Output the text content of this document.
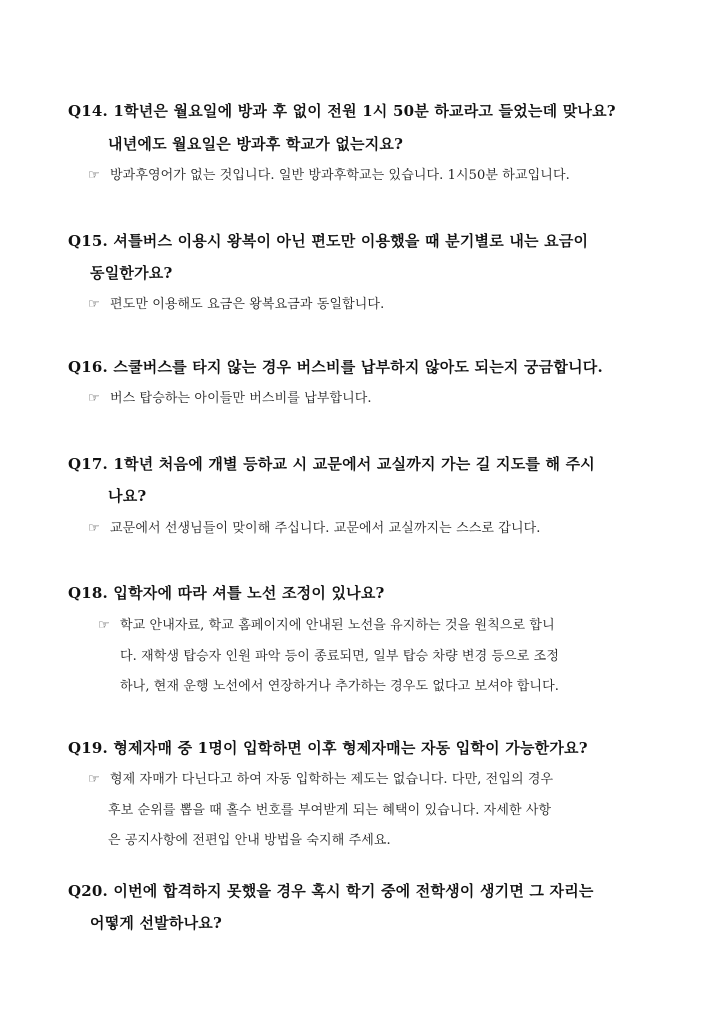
Q14. 1학년은 월요일에 방과 후 없이 전원 1시 50분 하교라고 들었는데 맞나요?
내년에도 월요일은 방과후 학교가 없는지요?
☞ 방과후영어가 없는 것입니다. 일반 방과후학교는 있습니다. 1시50분 하교입니다.
Q15. 셔틀버스 이용시 왕복이 아닌 편도만 이용했을 때 분기별로 내는 요금이
동일한가요?
☞ 편도만 이용해도 요금은 왕복요금과 동일합니다.
Q16. 스쿨버스를 타지 않는 경우 버스비를 납부하지 않아도 되는지 궁금합니다.
☞ 버스 탑승하는 아이들만 버스비를 납부합니다.
Q17. 1학년 처음에 개별 등하교 시 교문에서 교실까지 가는 길 지도를 해 주시
나요?
☞ 교문에서 선생님들이 맞이해 주십니다. 교문에서 교실까지는 스스로 갑니다.
Q18. 입학자에 따라 셔틀 노선 조정이 있나요?
☞ 학교 안내자료, 학교 홈페이지에 안내된 노선을 유지하는 것을 원칙으로 합니
다. 재학생 탑승자 인원 파악 등이 종료되면, 일부 탑승 차량 변경 등으로 조정
하나, 현재 운행 노선에서 연장하거나 추가하는 경우도 없다고 보셔야 합니다.
Q19. 형제자매 중 1명이 입학하면 이후 형제자매는 자동 입학이 가능한가요?
☞ 형제 자매가 다닌다고 하여 자동 입학하는 제도는 없습니다. 다만, 전입의 경우
후보 순위를 뽑을 때 홀수 번호를 부여받게 되는 혜택이 있습니다. 자세한 사항
은 공지사항에 전편입 안내 방법을 숙지해 주세요.
Q20. 이번에 합격하지 못했을 경우 혹시 학기 중에 전학생이 생기면 그 자리는
어떻게 선발하나요?
